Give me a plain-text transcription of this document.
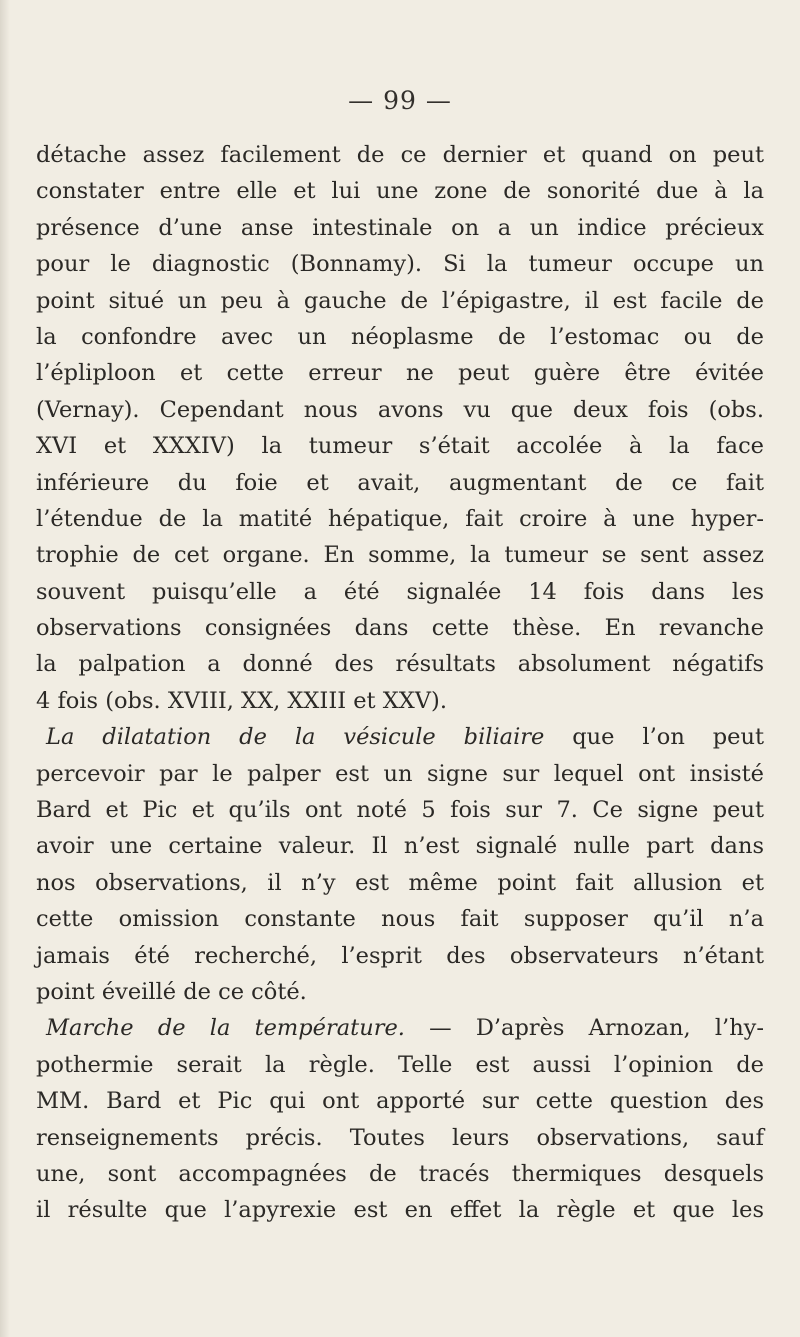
— 99 —
détache assez facilement de ce dernier et quand on peut
constater entre elle et lui une zone de sonorité due à la
présence d’une anse intestinale on a un indice précieux
pour le diagnostic (Bonnamy). Si la tumeur occupe un
point situé un peu à gauche de l’épigastre, il est facile de
la confondre avec un néoplasme de l’estomac ou de
l’épliploon et cette erreur ne peut guère être évitée
(Vernay). Cependant nous avons vu que deux fois (obs.
XVI et XXXIV) la tumeur s’était accolée à la face
inférieure du foie et avait, augmentant de ce fait
l’étendue de la matité hépatique, fait croire à une hyper-
trophie de cet organe. En somme, la tumeur se sent assez
souvent puisqu’elle a été signalée 14 fois dans les
observations consignées dans cette thèse. En revanche
la palpation a donné des résultats absolument négatifs
4 fois (obs. XVIII, XX, XXIII et XXV).
La dilatation de la vésicule biliaire que l’on peut
percevoir par le palper est un signe sur lequel ont insisté
Bard et Pic et qu’ils ont noté 5 fois sur 7. Ce signe peut
avoir une certaine valeur. Il n’est signalé nulle part dans
nos observations, il n’y est même point fait allusion et
cette omission constante nous fait supposer qu’il n’a
jamais été recherché, l’esprit des observateurs n’étant
point éveillé de ce côté.
Marche de la température. — D’après Arnozan, l’hy-
pothermie serait la règle. Telle est aussi l’opinion de
MM. Bard et Pic qui ont apporté sur cette question des
renseignements précis. Toutes leurs observations, sauf
une, sont accompagnées de tracés thermiques desquels
il résulte que l’apyrexie est en effet la règle et que les
